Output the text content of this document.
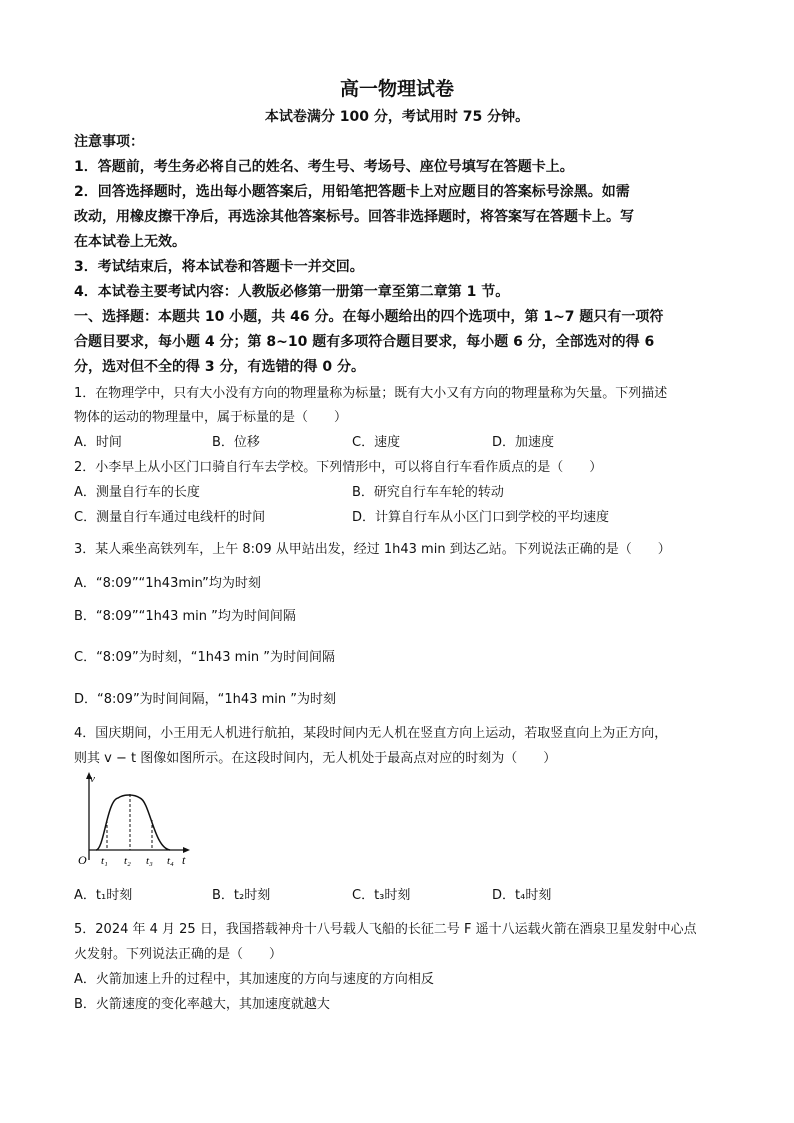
高一物理试卷
本试卷满分 100 分，考试用时 75 分钟。
注意事项：
1．答题前，考生务必将自己的姓名、考生号、考场号、座位号填写在答题卡上。
2．回答选择题时，选出每小题答案后，用铅笔把答题卡上对应题目的答案标号涂黑。如需
改动，用橡皮擦干净后，再选涂其他答案标号。回答非选择题时，将答案写在答题卡上。写
在本试卷上无效。
3．考试结束后，将本试卷和答题卡一并交回。
4．本试卷主要考试内容：人教版必修第一册第一章至第二章第 1 节。
一、选择题：本题共 10 小题，共 46 分。在每小题给出的四个选项中，第 1~7 题只有一项符
合题目要求，每小题 4 分；第 8~10 题有多项符合题目要求，每小题 6 分，全部选对的得 6
分，选对但不全的得 3 分，有选错的得 0 分。
1．在物理学中，只有大小没有方向的物理量称为标量；既有大小又有方向的物理量称为矢量。下列描述
物体的运动的物理量中，属于标量的是（　　）
A．时间	B．位移	C．速度	D．加速度
2．小李早上从小区门口骑自行车去学校。下列情形中，可以将自行车看作质点的是（　　）
A．测量自行车的长度	B．研究自行车车轮的转动
C．测量自行车通过电线杆的时间	D．计算自行车从小区门口到学校的平均速度
3．某人乘坐高铁列车，上午 8:09 从甲站出发，经过 1h43 min 到达乙站。下列说法正确的是（　　）
A．“8:09”“1h43min”均为时刻
B．“8:09”“1h43 min ”均为时间间隔
C．“8:09”为时刻，“1h43 min ”为时间间隔
D．“8:09”为时间间隔，“1h43 min ”为时刻
4．国庆期间，小王用无人机进行航拍，某段时间内无人机在竖直方向上运动，若取竖直向上为正方向，
则其 v − t 图像如图所示。在这段时间内，无人机处于最高点对应的时刻为（　　）
v
O t₁ t₂ t₃ t₄ t
A．t₁时刻	B．t₂时刻	C．t₃时刻	D．t₄时刻
5．2024 年 4 月 25 日，我国搭载神舟十八号载人飞船的长征二号 F 遥十八运载火箭在酒泉卫星发射中心点
火发射。下列说法正确的是（　　）
A．火箭加速上升的过程中，其加速度的方向与速度的方向相反
B．火箭速度的变化率越大，其加速度就越大
